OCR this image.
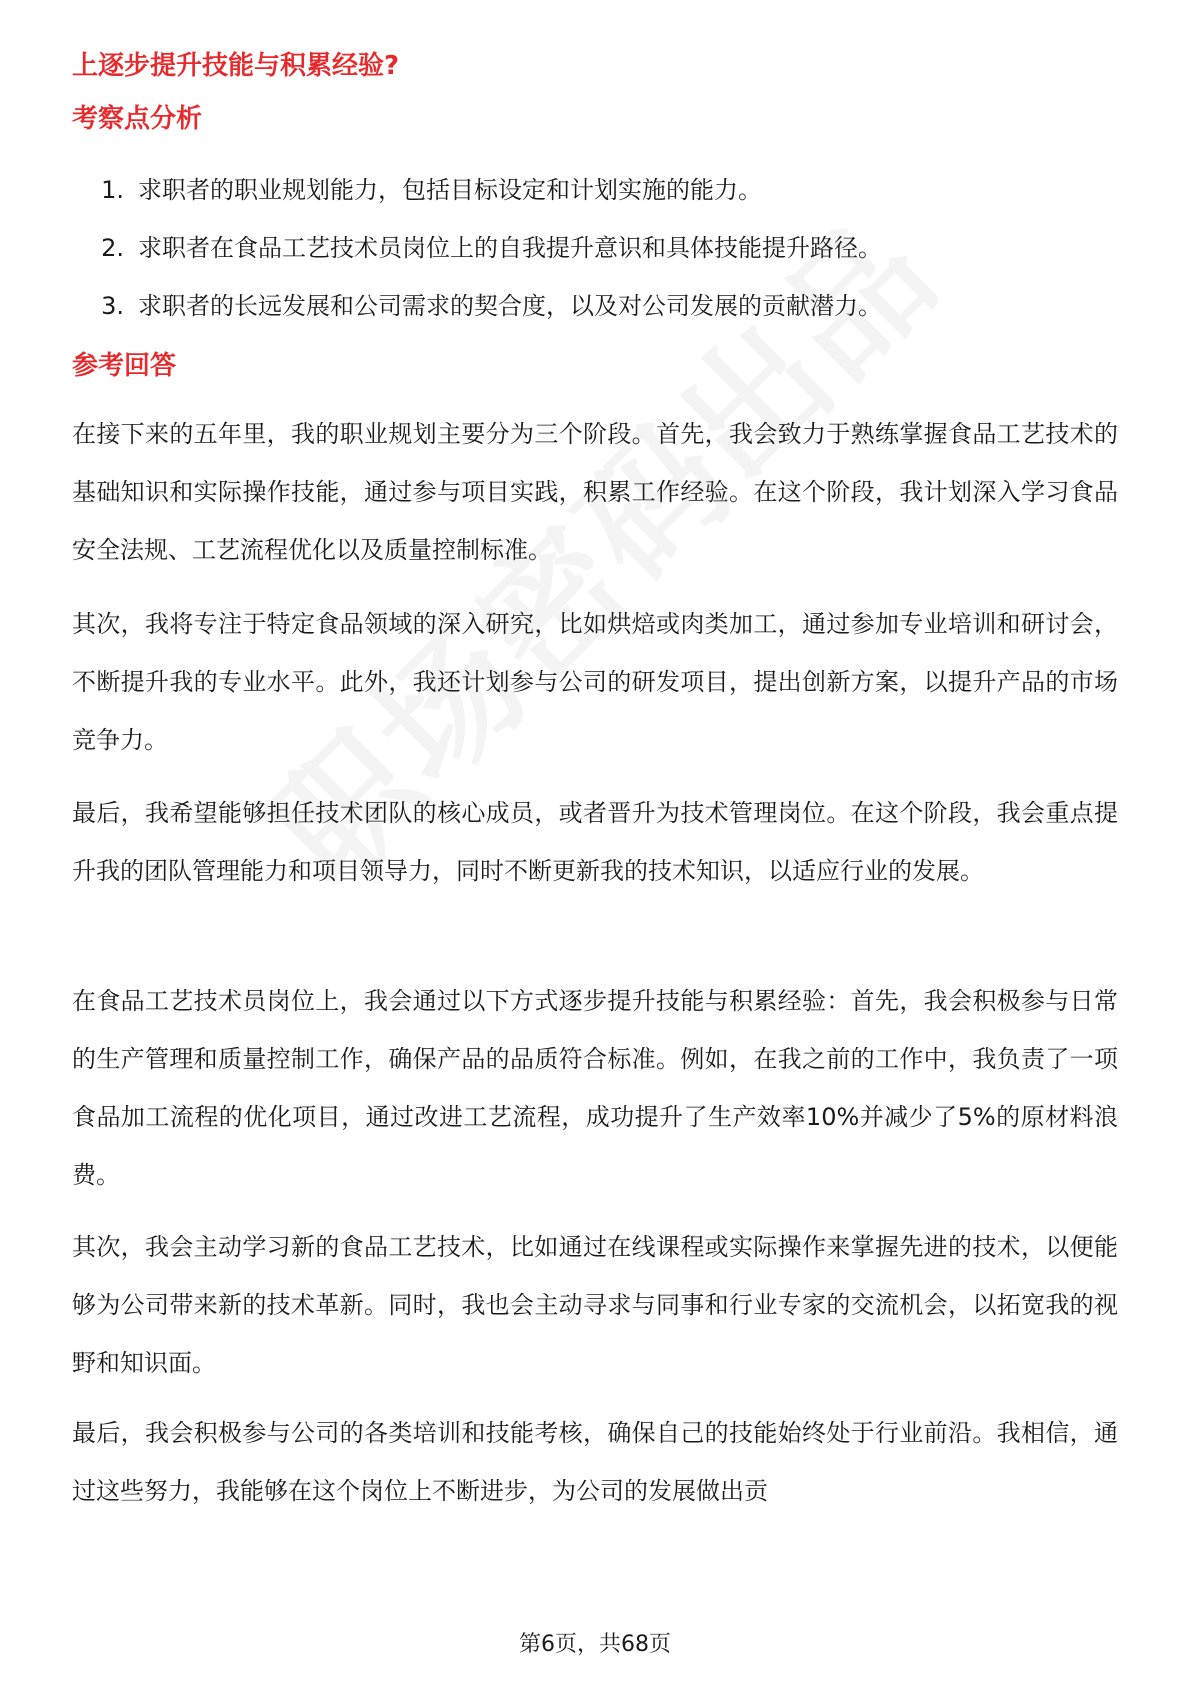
上逐步提升技能与积累经验?
考察点分析
1. 求职者的职业规划能力，包括目标设定和计划实施的能力。
2. 求职者在食品工艺技术员岗位上的自我提升意识和具体技能提升路径。
3. 求职者的长远发展和公司需求的契合度，以及对公司发展的贡献潜力。
参考回答

在接下来的五年里，我的职业规划主要分为三个阶段。首先，我会致力于熟练掌握食品工艺技术的基础知识和实际操作技能，通过参与项目实践，积累工作经验。在这个阶段，我计划深入学习食品安全法规、工艺流程优化以及质量控制标准。

其次，我将专注于特定食品领域的深入研究，比如烘焙或肉类加工，通过参加专业培训和研讨会，不断提升我的专业水平。此外，我还计划参与公司的研发项目，提出创新方案，以提升产品的市场竞争力。

最后，我希望能够担任技术团队的核心成员，或者晋升为技术管理岗位。在这个阶段，我会重点提升我的团队管理能力和项目领导力，同时不断更新我的技术知识，以适应行业的发展。

在食品工艺技术员岗位上，我会通过以下方式逐步提升技能与积累经验：首先，我会积极参与日常的生产管理和质量控制工作，确保产品的品质符合标准。例如，在我之前的工作中，我负责了一项食品加工流程的优化项目，通过改进工艺流程，成功提升了生产效率10%并减少了5%的原材料浪费。

其次，我会主动学习新的食品工艺技术，比如通过在线课程或实际操作来掌握先进的技术，以便能够为公司带来新的技术革新。同时，我也会主动寻求与同事和行业专家的交流机会，以拓宽我的视野和知识面。

最后，我会积极参与公司的各类培训和技能考核，确保自己的技能始终处于行业前沿。我相信，通过这些努力，我能够在这个岗位上不断进步，为公司的发展做出贡

第6页，共68页
